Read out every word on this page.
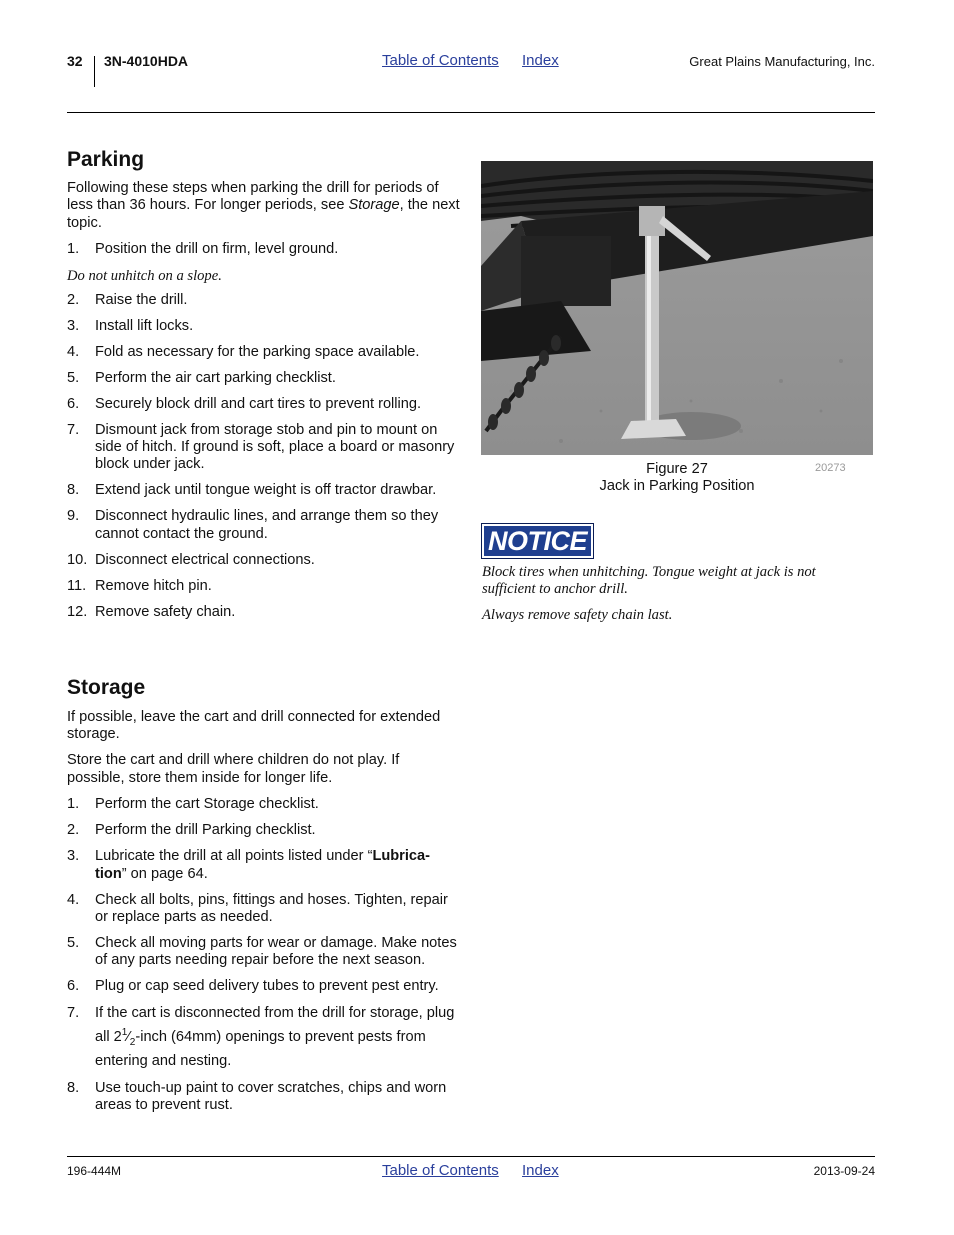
32 3N-4010HDA	Table of Contents Index	Great Plains Manufacturing, Inc.
Parking

Following these steps when parking the drill for periods of less than 36 hours. For longer periods, see Storage, the next topic.

1. Position the drill on firm, level ground.

Do not unhitch on a slope.

2. Raise the drill.
3. Install lift locks.
4. Fold as necessary for the parking space available.
5. Perform the air cart parking checklist.
6. Securely block drill and cart tires to prevent rolling.
7. Dismount jack from storage stob and pin to mount on side of hitch. If ground is soft, place a board or masonry block under jack.
8. Extend jack until tongue weight is off tractor drawbar.
9. Disconnect hydraulic lines, and arrange them so they cannot contact the ground.
10. Disconnect electrical connections.
11. Remove hitch pin.
12. Remove safety chain.
Figure 27
Jack in Parking Position
20273
NOTICE

Block tires when unhitching. Tongue weight at jack is not sufficient to anchor drill.

Always remove safety chain last.

Storage

If possible, leave the cart and drill connected for extended storage.

Store the cart and drill where children do not play. If possible, store them inside for longer life.

1. Perform the cart Storage checklist.
2. Perform the drill Parking checklist.
3. Lubricate the drill at all points listed under “Lubrica-tion” on page 64.
4. Check all bolts, pins, fittings and hoses. Tighten, repair or replace parts as needed.
5. Check all moving parts for wear or damage. Make notes of any parts needing repair before the next season.
6. Plug or cap seed delivery tubes to prevent pest entry.
7. If the cart is disconnected from the drill for storage, plug all $2^1⁄_2$-inch (64mm) openings to prevent pests from entering and nesting.
8. Use touch-up paint to cover scratches, chips and worn areas to prevent rust.
196-444M	Table of Contents Index	2013-09-24
